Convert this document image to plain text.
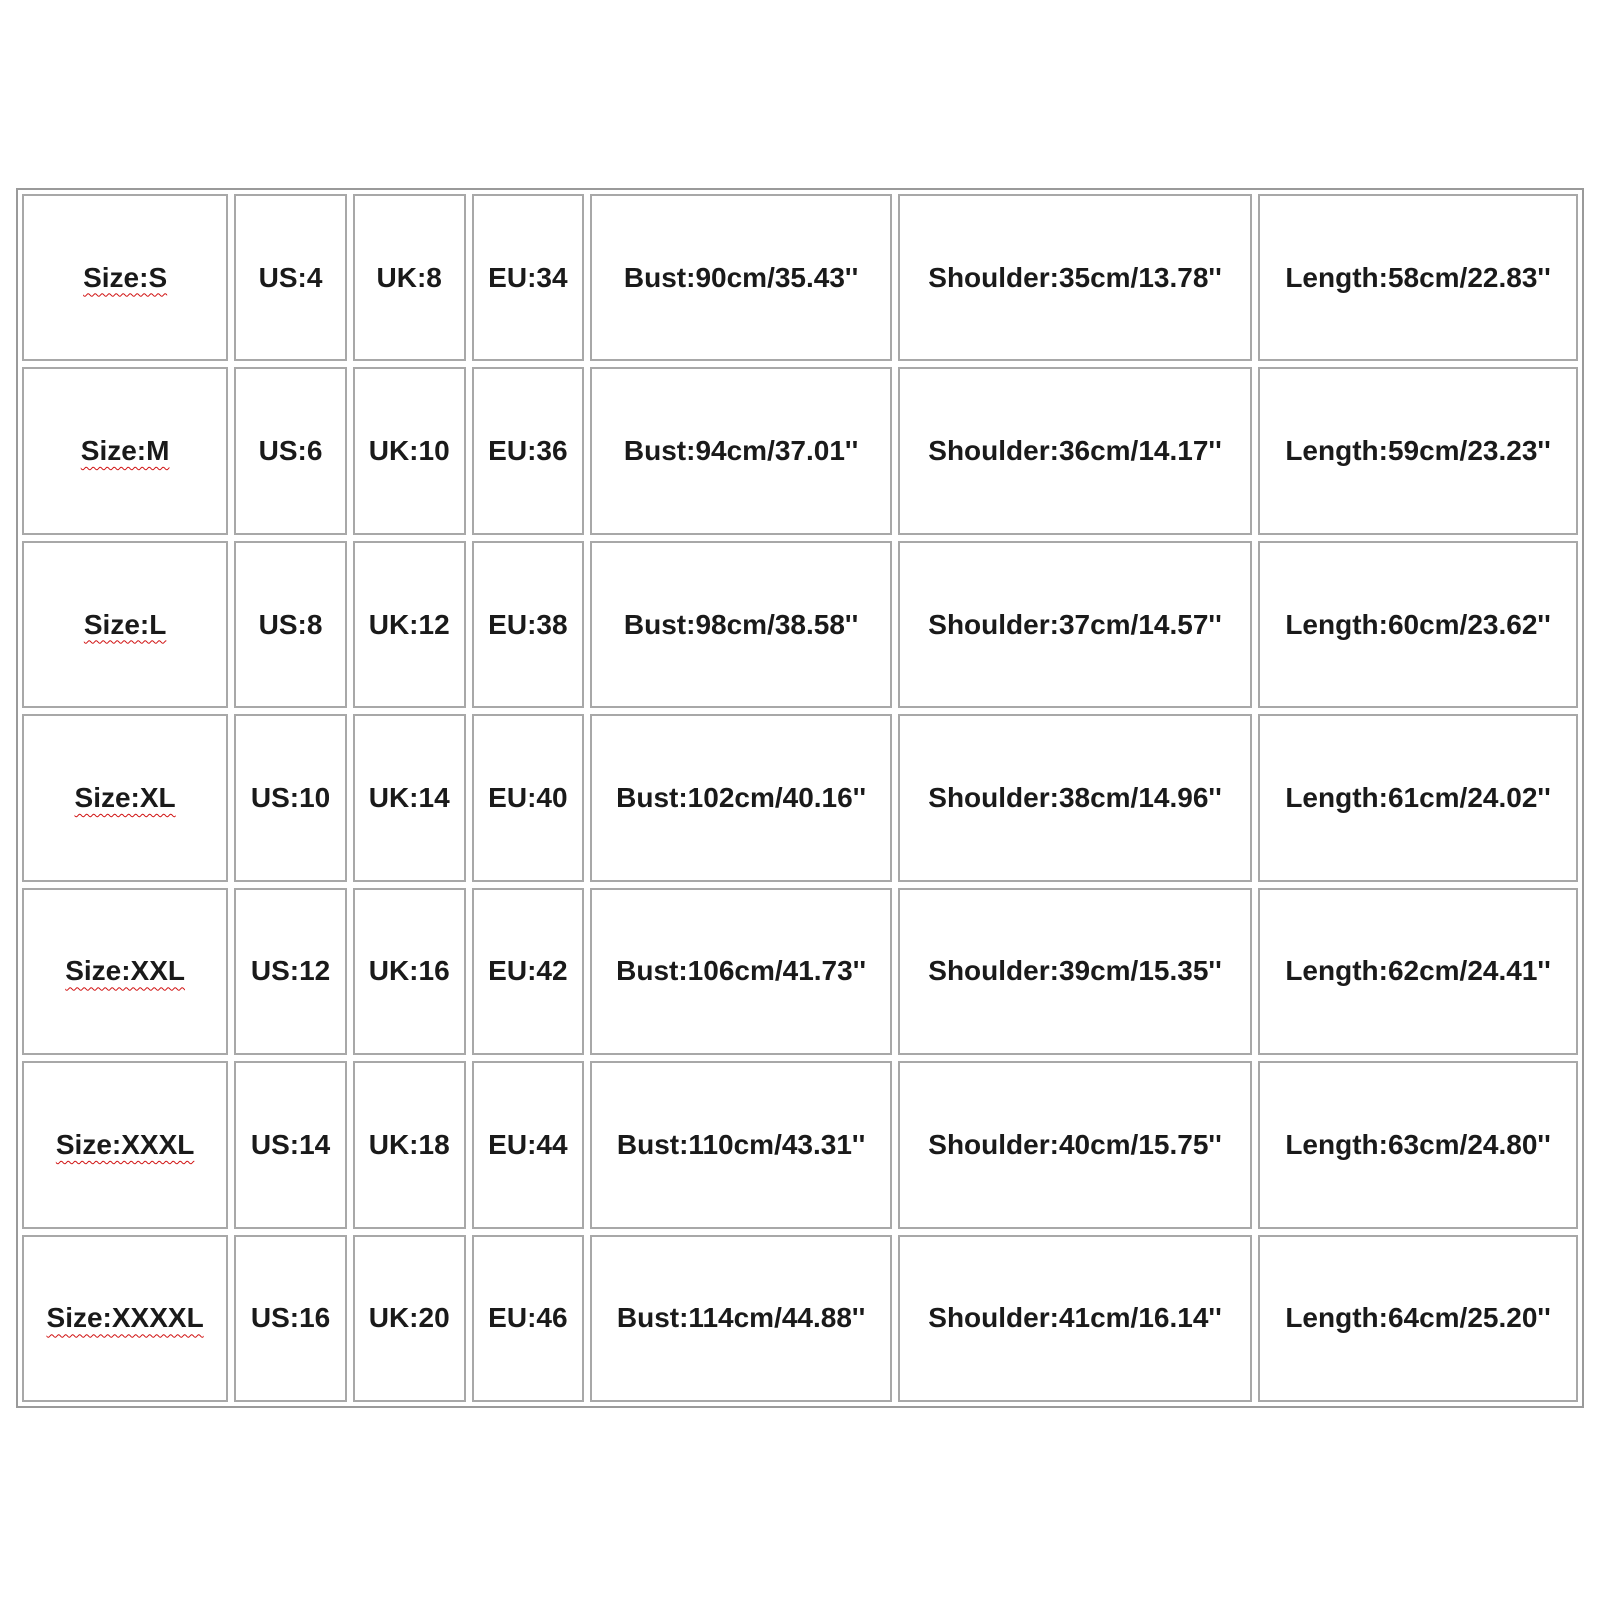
Size:S	US:4	UK:8	EU:34	Bust:90cm/35.43''	Shoulder:35cm/13.78''	Length:58cm/22.83''
Size:M	US:6	UK:10	EU:36	Bust:94cm/37.01''	Shoulder:36cm/14.17''	Length:59cm/23.23''
Size:L	US:8	UK:12	EU:38	Bust:98cm/38.58''	Shoulder:37cm/14.57''	Length:60cm/23.62''
Size:XL	US:10	UK:14	EU:40	Bust:102cm/40.16''	Shoulder:38cm/14.96''	Length:61cm/24.02''
Size:XXL	US:12	UK:16	EU:42	Bust:106cm/41.73''	Shoulder:39cm/15.35''	Length:62cm/24.41''
Size:XXXL	US:14	UK:18	EU:44	Bust:110cm/43.31''	Shoulder:40cm/15.75''	Length:63cm/24.80''
Size:XXXXL	US:16	UK:20	EU:46	Bust:114cm/44.88''	Shoulder:41cm/16.14''	Length:64cm/25.20''
